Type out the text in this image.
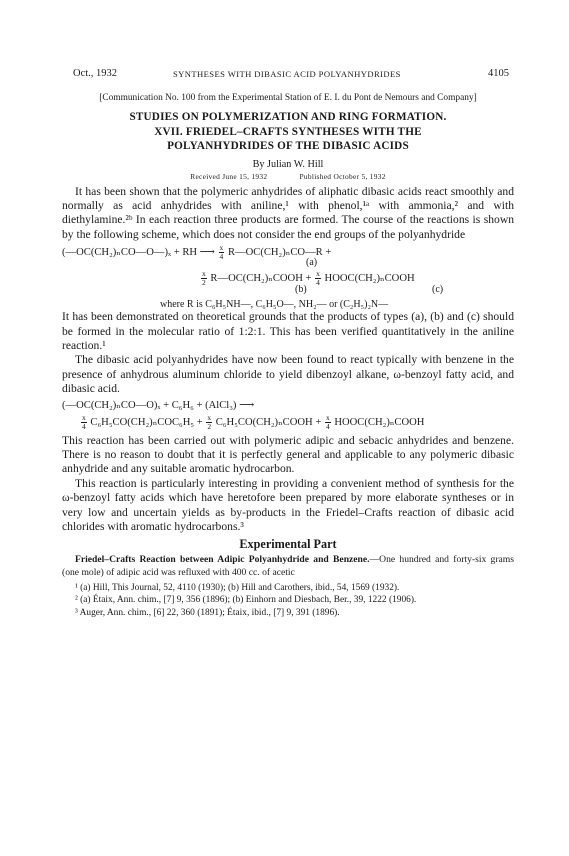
Oct., 1932	SYNTHESES WITH DIBASIC ACID POLYANHYDRIDES	4105
[Communication No. 100 from the Experimental Station of E. I. du Pont de Nemours and Company]

STUDIES ON POLYMERIZATION AND RING FORMATION.

XVII. FRIEDEL–CRAFTS SYNTHESES WITH THE

POLYANHYDRIDES OF THE DIBASIC ACIDS

By Julian W. Hill
Received June 15, 1932	Published October 5, 1932

It has been shown that the polymeric anhydrides of aliphatic dibasic acids react smoothly and normally as acid anhydrides with aniline,¹ with phenol,¹ᵃ with ammonia,² and with diethylamine.²ᵇ In each reaction three products are formed. The course of the reactions is shown by the following scheme, which does not consider the end groups of the polyanhydride

(—OC(CH₂)ₙCO—O—)ₓ + RH ⟶ $\frac{x}{4}$ R—OC(CH₂)ₙCO—R +
(a)
$\frac{x}{2}$ R—OC(CH₂)ₙCOOH + $\frac{x}{4}$ HOOC(CH₂)ₙCOOH
(b)	(c)
where R is C₆H₅NH—, C₆H₅O—, NH₂— or (C₂H₅)₂N—

It has been demonstrated on theoretical grounds that the products of types (a), (b) and (c) should be formed in the molecular ratio of 1:2:1. This has been verified quantitatively in the aniline reaction.¹

The dibasic acid polyanhydrides have now been found to react typically with benzene in the presence of anhydrous aluminum chloride to yield dibenzoyl alkane, ω-benzoyl fatty acid, and dibasic acid.

(—OC(CH₂)ₙCO—O)ₓ + C₆H₆ + (AlCl₃) ⟶
$\frac{x}{4} C_6H_5CO(CH_2)_nCOC_6H_5 + \frac{x}{2}$ C₆H₅CO(CH₂)ₙCOOH + $\frac{x}{4}$ HOOC(CH₂)ₙCOOH

This reaction has been carried out with polymeric adipic and sebacic anhydrides and benzene. There is no reason to doubt that it is perfectly general and applicable to any polymeric dibasic anhydride and any suitable aromatic hydrocarbon.

This reaction is particularly interesting in providing a convenient method of synthesis for the ω-benzoyl fatty acids which have heretofore been prepared by more elaborate syntheses or in very low and uncertain yields as by-products in the Friedel–Crafts reaction of dibasic acid chlorides with aromatic hydrocarbons.³

Experimental Part

Friedel–Crafts Reaction between Adipic Polyanhydride and Benzene.—One hundred and forty-six grams (one mole) of adipic acid was refluxed with 400 cc. of acetic

¹ (a) Hill, This Journal, 52, 4110 (1930); (b) Hill and Carothers, ibid., 54, 1569 (1932).

² (a) Étaix, Ann. chim., [7] 9, 356 (1896); (b) Einhorn and Diesbach, Ber., 39, 1222 (1906).

³ Auger, Ann. chim., [6] 22, 360 (1891); Étaix, ibid., [7] 9, 391 (1896).
